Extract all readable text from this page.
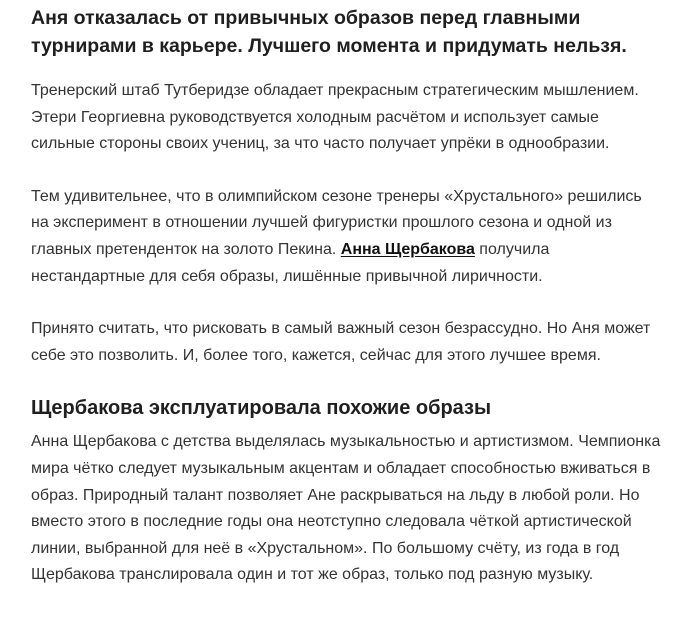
Аня отказалась от привычных образов перед главными турнирами в карьере. Лучшего момента и придумать нельзя.

Тренерский штаб Тутберидзе обладает прекрасным стратегическим мышлением. Этери Георгиевна руководствуется холодным расчётом и использует самые сильные стороны своих учениц, за что часто получает упрёки в однообразии.

Тем удивительнее, что в олимпийском сезоне тренеры «Хрустального» решились на эксперимент в отношении лучшей фигуристки прошлого сезона и одной из главных претенденток на золото Пекина. Анна Щербакова получила нестандартные для себя образы, лишённые привычной лиричности.

Принято считать, что рисковать в самый важный сезон безрассудно. Но Аня может себе это позволить. И, более того, кажется, сейчас для этого лучшее время.

Щербакова эксплуатировала похожие образы

Анна Щербакова с детства выделялась музыкальностью и артистизмом. Чемпионка мира чётко следует музыкальным акцентам и обладает способностью вживаться в образ. Природный талант позволяет Ане раскрываться на льду в любой роли. Но вместо этого в последние годы она неотступно следовала чёткой артистической линии, выбранной для неё в «Хрустальном». По большому счёту, из года в год Щербакова транслировала один и тот же образ, только под разную музыку.
